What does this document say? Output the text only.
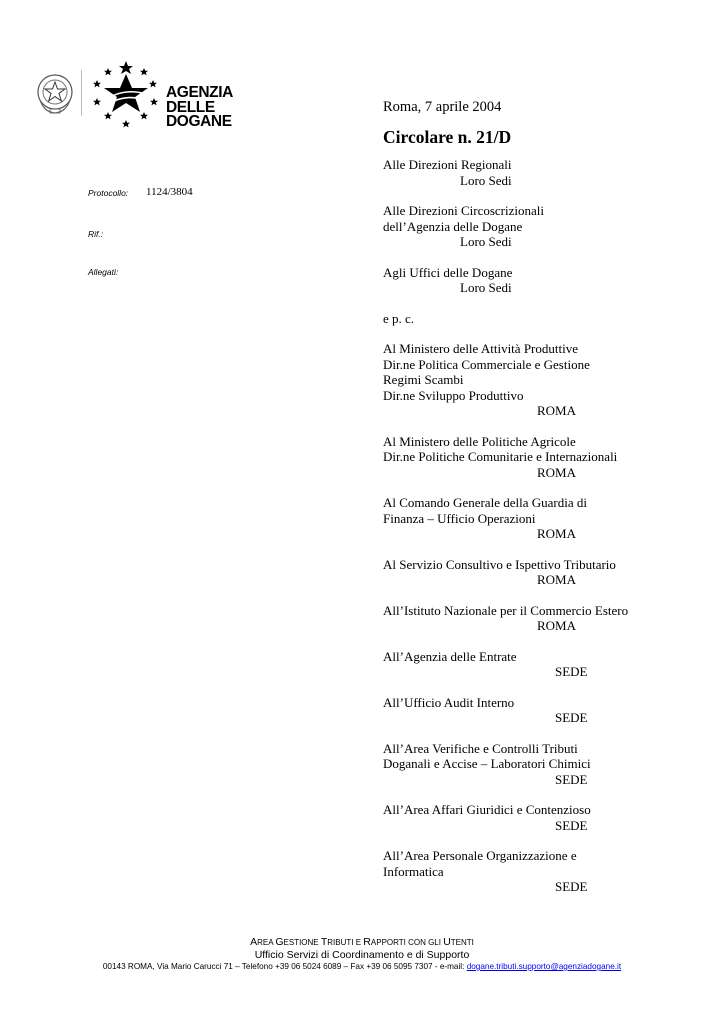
AGENZIA
DELLE
DOGANE
Protocollo: 1124/3804
Rif.:
Allegati:
Roma, 7 aprile 2004
Circolare n. 21/D
Alle Direzioni Regionali
Loro Sedi
Alle Direzioni Circoscrizionali
dell’Agenzia delle Dogane
Loro Sedi
Agli Uffici delle Dogane
Loro Sedi
e p. c.
Al Ministero delle Attività Produttive
Dir.ne Politica Commerciale e Gestione
Regimi Scambi
Dir.ne Sviluppo Produttivo
ROMA
Al Ministero delle Politiche Agricole
Dir.ne Politiche Comunitarie e Internazionali
ROMA
Al Comando Generale della Guardia di
Finanza – Ufficio Operazioni
ROMA
Al Servizio Consultivo e Ispettivo Tributario
ROMA
All’Istituto Nazionale per il Commercio Estero
ROMA
All’Agenzia delle Entrate
SEDE
All’Ufficio Audit Interno
SEDE
All’Area Verifiche e Controlli Tributi
Doganali e Accise – Laboratori Chimici
SEDE
All’Area Affari Giuridici e Contenzioso
SEDE
All’Area Personale Organizzazione e
Informatica
SEDE
AREA GESTIONE TRIBUTI E RAPPORTI CON GLI UTENTI
Ufficio Servizi di Coordinamento e di Supporto
00143 ROMA, Via Mario Carucci 71 – Telefono +39 06 5024 6089 – Fax +39 06 5095 7307 - e-mail: dogane.tributi.supporto@agenziadogane.it
